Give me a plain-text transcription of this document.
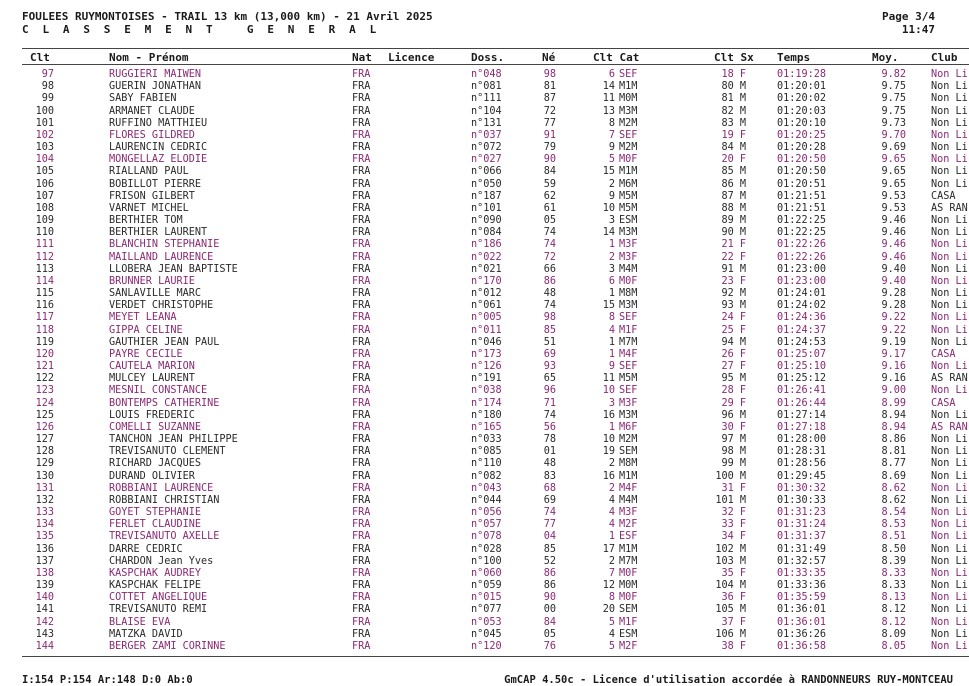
FOULEES RUYMONTOISES - TRAIL 13 km (13,000 km) - 21 Avril 2025
C L A S S E M E N T   G E N E R A L
Page 3/4
11:47
Clt	Nom - Prénom	Nat Licence	Doss.	Né	Clt Cat	Clt Sx Temps	Moy.	Club
97	RUGGIERI MAIWEN	FRA	n°048	98	6 SEF	18 F	01:19:28	9.82 Non Li
98	GUERIN JONATHAN	FRA	n°081	81	14 M1M	80 M	01:20:01	9.75 Non Li
99	SABY FABIEN	FRA	n°111	87	11 M0M	81 M	01:20:02	9.75 Non Li
100	ARMANET CLAUDE	FRA	n°104	72	13 M3M	82 M	01:20:03	9.75 Non Li
101	RUFFINO MATTHIEU	FRA	n°131	77	8 M2M	83 M	01:20:10	9.73 Non Li
102	FLORES GILDRED	FRA	n°037	91	7 SEF	19 F	01:20:25	9.70 Non Li
103	LAURENCIN CEDRIC	FRA	n°072	79	9 M2M	84 M	01:20:28	9.69 Non Li
104	MONGELLAZ ELODIE	FRA	n°027	90	5 M0F	20 F	01:20:50	9.65 Non Li
105	RIALLAND PAUL	FRA	n°066	84	15 M1M	85 M	01:20:50	9.65 Non Li
106	BOBILLOT PIERRE	FRA	n°050	59	2 M6M	86 M	01:20:51	9.65 Non Li
107	FRISON GILBERT	FRA	n°187	62	9 M5M	87 M	01:21:51	9.53 CASA
108	VARNET MICHEL	FRA	n°101	61	10 M5M	88 M	01:21:51	9.53 AS RAN
109	BERTHIER TOM	FRA	n°090	05	3 ESM	89 M	01:22:25	9.46 Non Li
110	BERTHIER LAURENT	FRA	n°084	74	14 M3M	90 M	01:22:25	9.46 Non Li
111	BLANCHIN STEPHANIE	FRA	n°186	74	1 M3F	21 F	01:22:26	9.46 Non Li
112	MAILLAND LAURENCE	FRA	n°022	72	2 M3F	22 F	01:22:26	9.46 Non Li
113	LLOBERA JEAN BAPTISTE	FRA	n°021	66	3 M4M	91 M	01:23:00	9.40 Non Li
114	BRUNNER LAURIE	FRA	n°170	86	6 M0F	23 F	01:23:00	9.40 Non Li
115	SANLAVILLE MARC	FRA	n°012	48	1 M8M	92 M	01:24:01	9.28 Non Li
116	VERDET CHRISTOPHE	FRA	n°061	74	15 M3M	93 M	01:24:02	9.28 Non Li
117	MEYET LEANA	FRA	n°005	98	8 SEF	24 F	01:24:36	9.22 Non Li
118	GIPPA CELINE	FRA	n°011	85	4 M1F	25 F	01:24:37	9.22 Non Li
119	GAUTHIER JEAN PAUL	FRA	n°046	51	1 M7M	94 M	01:24:53	9.19 Non Li
120	PAYRE CECILE	FRA	n°173	69	1 M4F	26 F	01:25:07	9.17 CASA
121	CAUTELA MARION	FRA	n°126	93	9 SEF	27 F	01:25:10	9.16 Non Li
122	MULCEY LAURENT	FRA	n°191	65	11 M5M	95 M	01:25:12	9.16 AS RAN
123	MESNIL CONSTANCE	FRA	n°038	96	10 SEF	28 F	01:26:41	9.00 Non Li
124	BONTEMPS CATHERINE	FRA	n°174	71	3 M3F	29 F	01:26:44	8.99 CASA
125	LOUIS FREDERIC	FRA	n°180	74	16 M3M	96 M	01:27:14	8.94 Non Li
126	COMELLI SUZANNE	FRA	n°165	56	1 M6F	30 F	01:27:18	8.94 AS RAN
127	TANCHON JEAN PHILIPPE	FRA	n°033	78	10 M2M	97 M	01:28:00	8.86 Non Li
128	TREVISANUTO CLEMENT	FRA	n°085	01	19 SEM	98 M	01:28:31	8.81 Non Li
129	RICHARD JACQUES	FRA	n°110	48	2 M8M	99 M	01:28:56	8.77 Non Li
130	DURAND OLIVIER	FRA	n°082	83	16 M1M	100 M	01:29:45	8.69 Non Li
131	ROBBIANI LAURENCE	FRA	n°043	68	2 M4F	31 F	01:30:32	8.62 Non Li
132	ROBBIANI CHRISTIAN	FRA	n°044	69	4 M4M	101 M	01:30:33	8.62 Non Li
133	GOYET STEPHANIE	FRA	n°056	74	4 M3F	32 F	01:31:23	8.54 Non Li
134	FERLET CLAUDINE	FRA	n°057	77	4 M2F	33 F	01:31:24	8.53 Non Li
135	TREVISANUTO AXELLE	FRA	n°078	04	1 ESF	34 F	01:31:37	8.51 Non Li
136	DARRE CEDRIC	FRA	n°028	85	17 M1M	102 M	01:31:49	8.50 Non Li
137	CHARDON Jean Yves	FRA	n°100	52	2 M7M	103 M	01:32:57	8.39 Non Li
138	KASPCHAK AUDREY	FRA	n°060	86	7 M0F	35 F	01:33:35	8.33 Non Li
139	KASPCHAK FELIPE	FRA	n°059	86	12 M0M	104 M	01:33:36	8.33 Non Li
140	COTTET ANGELIQUE	FRA	n°015	90	8 M0F	36 F	01:35:59	8.13 Non Li
141	TREVISANUTO REMI	FRA	n°077	00	20 SEM	105 M	01:36:01	8.12 Non Li
142	BLAISE EVA	FRA	n°053	84	5 M1F	37 F	01:36:01	8.12 Non Li
143	MATZKA DAVID	FRA	n°045	05	4 ESM	106 M	01:36:26	8.09 Non Li
144	BERGER ZAMI CORINNE	FRA	n°120	76	5 M2F	38 F	01:36:58	8.05 Non Li
I:154 P:154 Ar:148 D:0 Ab:0	GmCAP 4.50c - Licence d'utilisation accordée à RANDONNEURS RUY-MONTCEAU
